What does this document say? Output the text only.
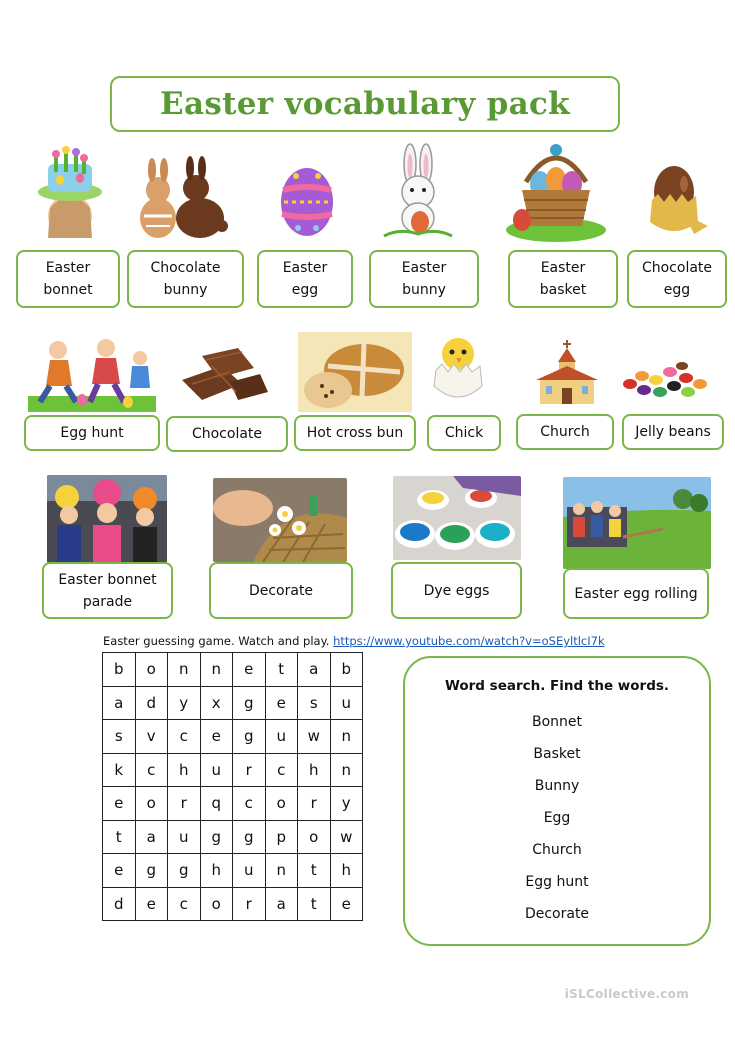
Easter vocabulary pack
Easter
bonnet
Chocolate
bunny
Easter
egg
Easter
bunny
Easter
basket
Chocolate
egg
Egg hunt	Chocolate	Hot cross bun	Chick	Church	Jelly beans
Easter bonnet
parade
Decorate	Dye eggs	Easter egg rolling
Easter guessing game. Watch and play. https://www.youtube.com/watch?v=oSEyltlcI7k
b	o	n	n	e	t	a	b
a	d	y	x	g	e	s	u
s	v	c	e	g	u	w	n
k	c	h	u	r	c	h	n
e	o	r	q	c	o	r	y
t	a	u	g	g	p	o	w
e	g	g	h	u	n	t	h
d	e	c	o	r	a	t	e
Word search. Find the words.
Bonnet
Basket
Bunny
Egg
Church
Egg hunt
Decorate
iSLCollective.com
